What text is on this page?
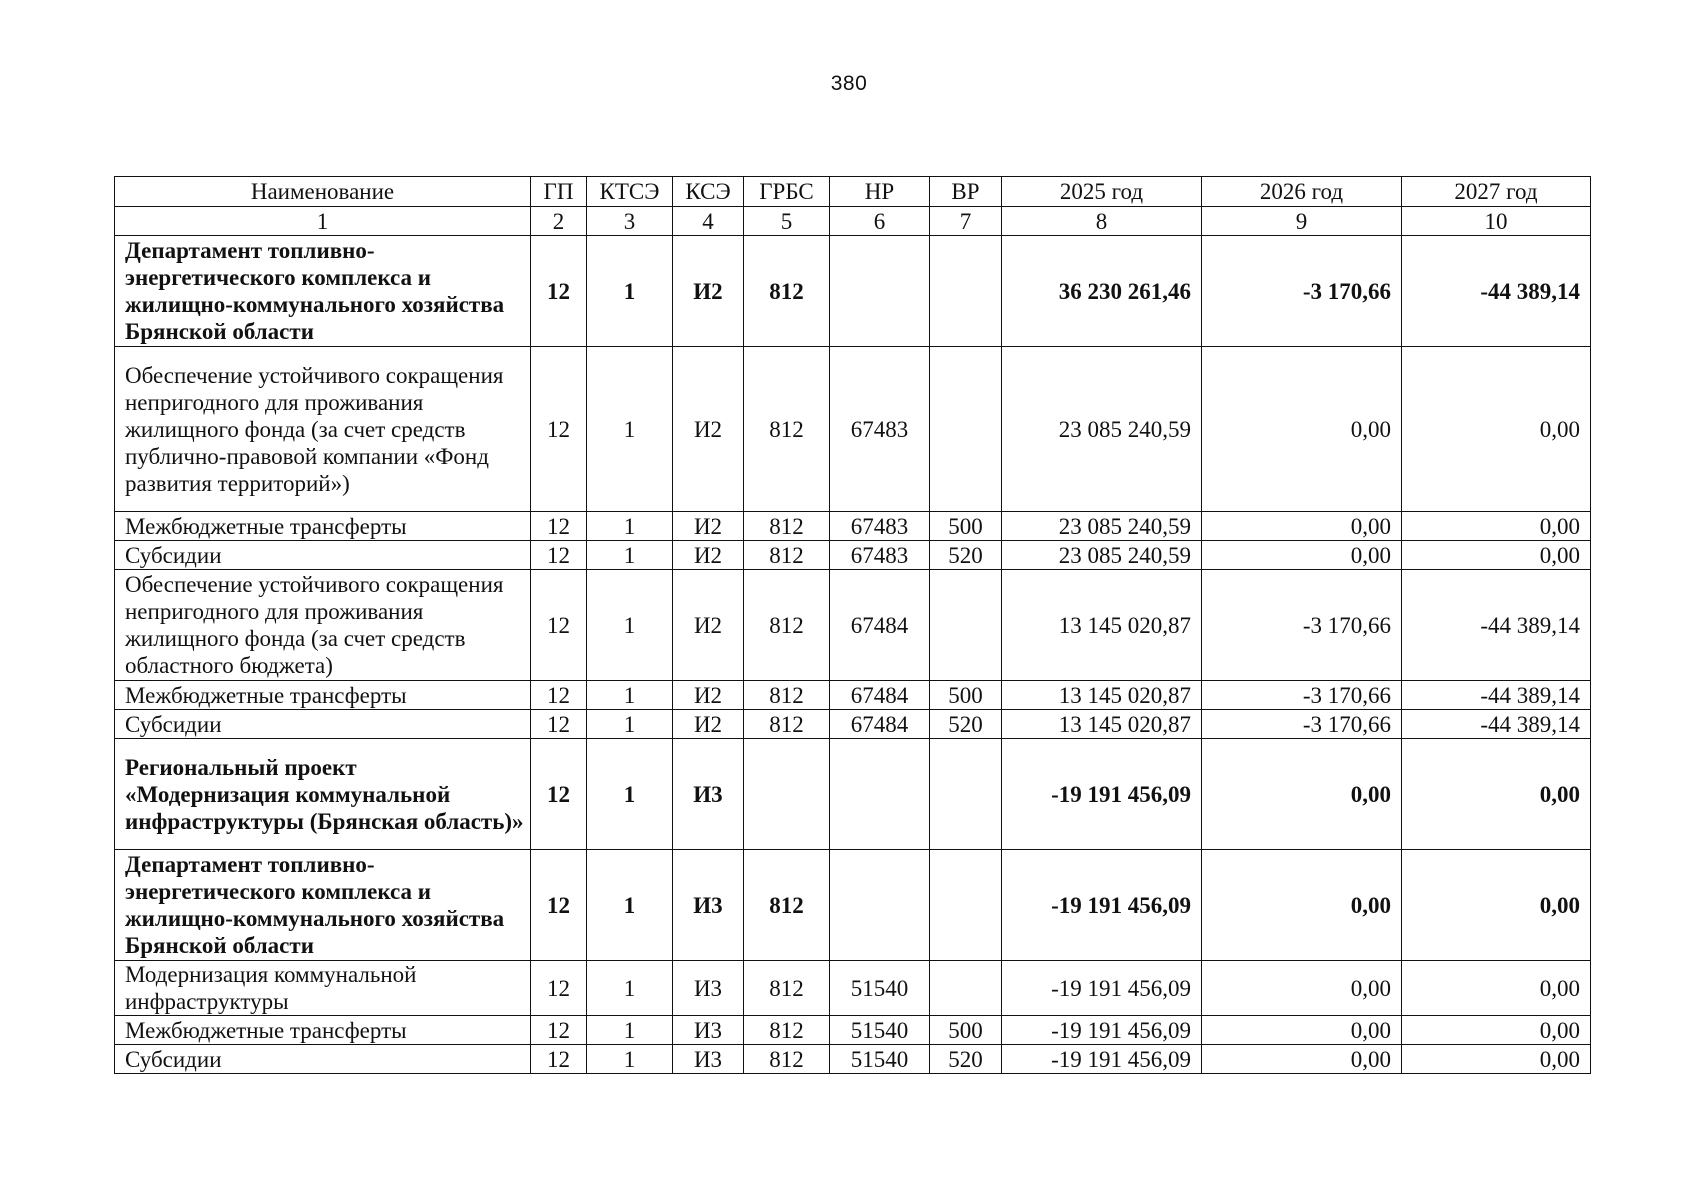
380
Наименование	ГП	КТСЭ	КСЭ	ГРБС	НР	ВР	2025 год	2026 год	2027 год
1	2	3	4	5	6	7	8	9	10
Департамент топливно-энергетического комплекса и жилищно-коммунального хозяйства Брянской области	12	1	И2	812			36 230 261,46	-3 170,66	-44 389,14
Обеспечение устойчивого сокращения непригодного для проживания жилищного фонда (за счет средств публично-правовой компании «Фонд развития территорий»)	12	1	И2	812	67483		23 085 240,59	0,00	0,00
Межбюджетные трансферты	12	1	И2	812	67483	500	23 085 240,59	0,00	0,00
Субсидии	12	1	И2	812	67483	520	23 085 240,59	0,00	0,00
Обеспечение устойчивого сокращения непригодного для проживания жилищного фонда (за счет средств областного бюджета)	12	1	И2	812	67484		13 145 020,87	-3 170,66	-44 389,14
Межбюджетные трансферты	12	1	И2	812	67484	500	13 145 020,87	-3 170,66	-44 389,14
Субсидии	12	1	И2	812	67484	520	13 145 020,87	-3 170,66	-44 389,14
Региональный проект «Модернизация коммунальной инфраструктуры (Брянская область)»	12	1	И3				-19 191 456,09	0,00	0,00
Департамент топливно-энергетического комплекса и жилищно-коммунального хозяйства Брянской области	12	1	И3	812			-19 191 456,09	0,00	0,00
Модернизация коммунальной инфраструктуры	12	1	И3	812	51540		-19 191 456,09	0,00	0,00
Межбюджетные трансферты	12	1	И3	812	51540	500	-19 191 456,09	0,00	0,00
Субсидии	12	1	И3	812	51540	520	-19 191 456,09	0,00	0,00
